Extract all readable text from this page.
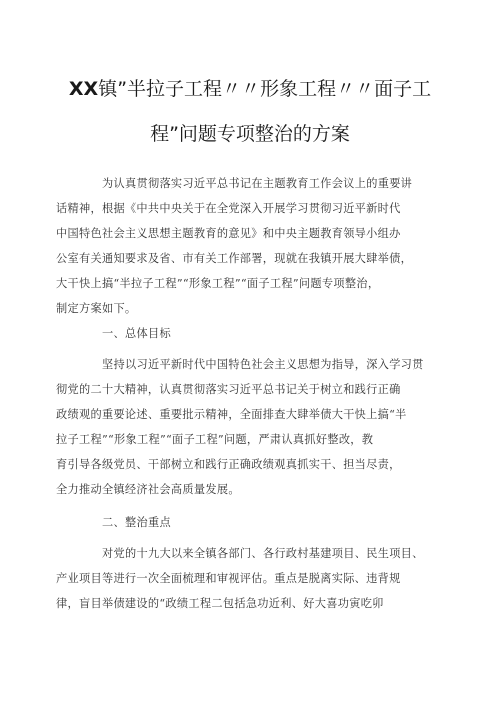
XX镇”半拉子工程〃〃形象工程〃〃面子工
程”问题专项整治的方案
为认真贯彻落实习近平总书记在主题教育工作会议上的重要讲
话精神，根据《中共中央关于在全党深入开展学习贯彻习近平新时代
中国特色社会主义思想主题教育的意见》和中央主题教育领导小组办
公室有关通知要求及省、市有关工作部署，现就在我镇开展大肆举债，
大干快上搞“半拉子工程”“形象工程”“面子工程”问题专项整治，
制定方案如下。
一、总体目标
坚持以习近平新时代中国特色社会主义思想为指导，深入学习贯
彻党的二十大精神，认真贯彻落实习近平总书记关于树立和践行正确
政绩观的重要论述、重要批示精神，全面排查大肆举债大干快上搞“半
拉子工程”“形象工程”“面子工程”问题，严肃认真抓好整改，教
育引导各级党员、干部树立和践行正确政绩观真抓实干、担当尽责，
全力推动全镇经济社会高质量发展。
二、整治重点
对党的十九大以来全镇各部门、各行政村基建项目、民生项目、
产业项目等进行一次全面梳理和审视评估。重点是脱离实际、违背规
律，盲目举债建设的“政绩工程二包括急功近利、好大喜功寅吃卯
